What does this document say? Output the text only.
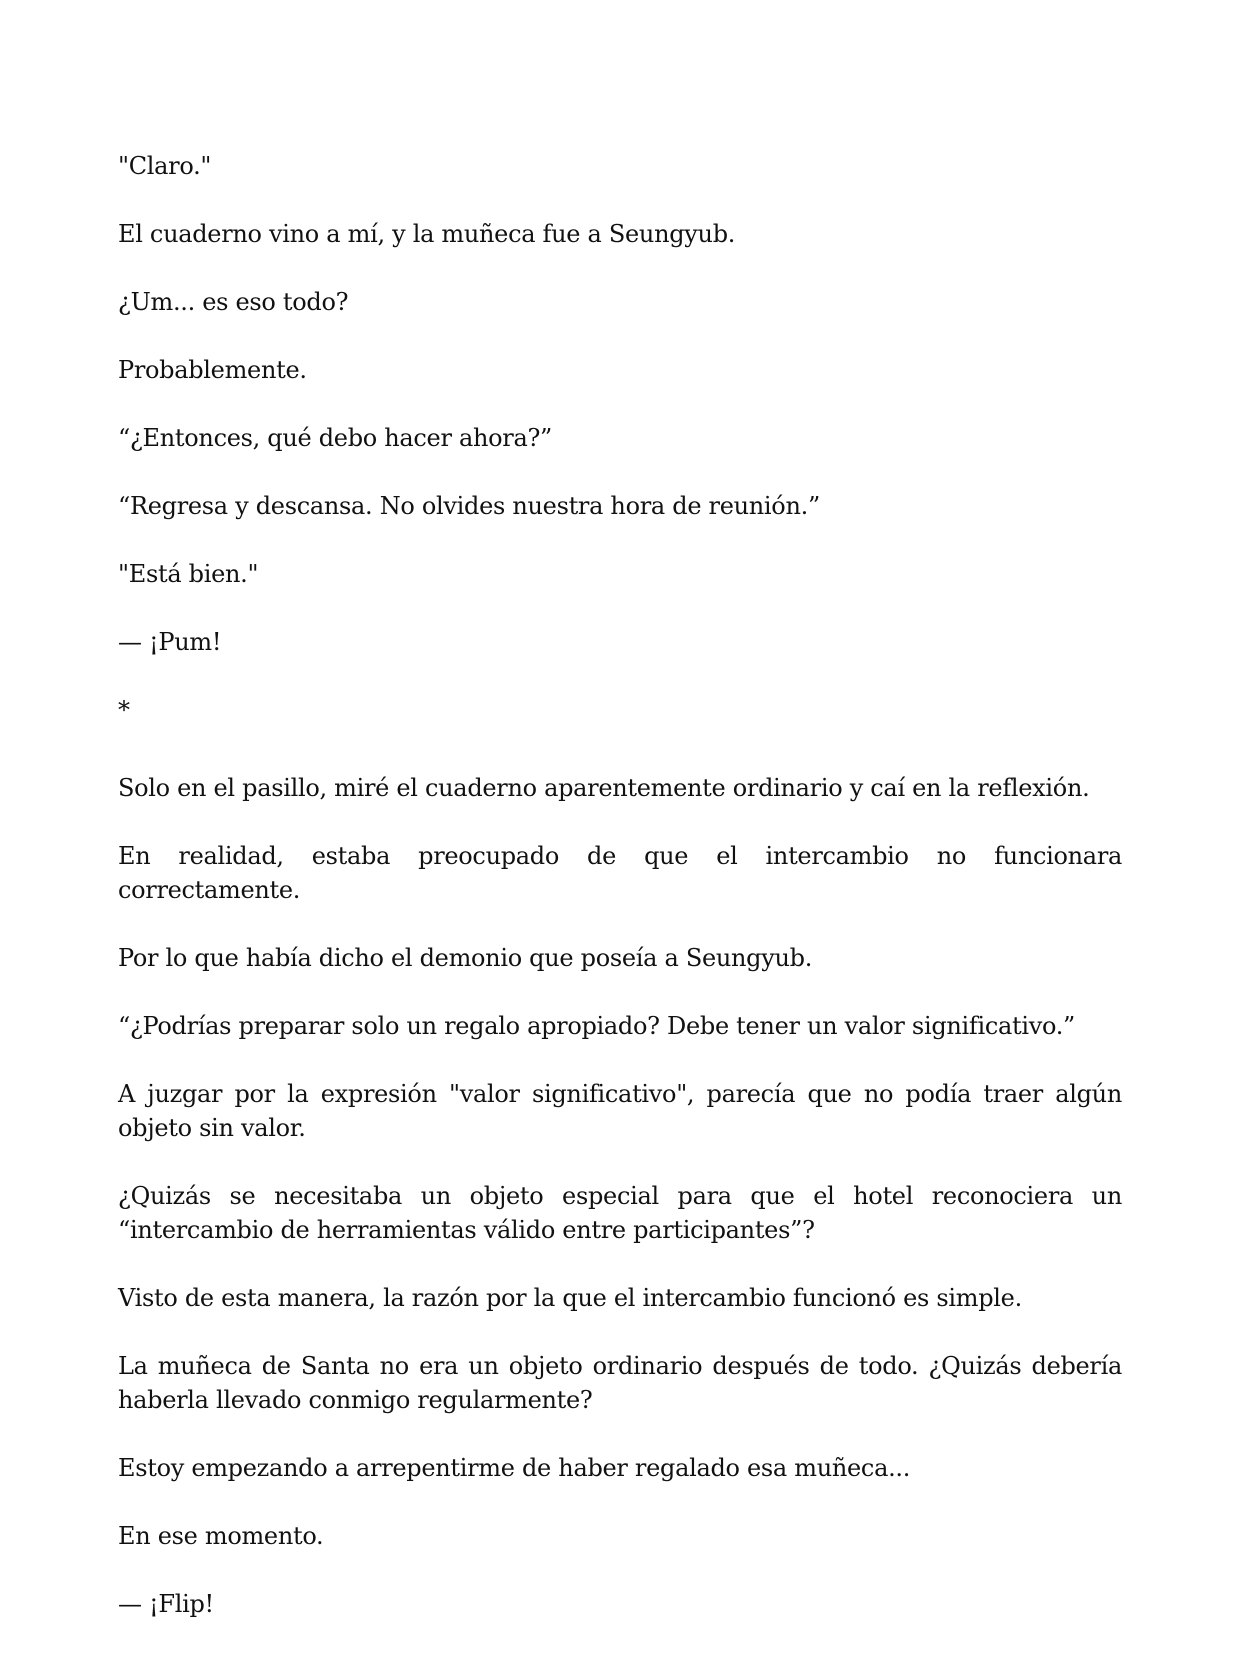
"Claro."

El cuaderno vino a mí, y la muñeca fue a Seungyub.

¿Um... es eso todo?

Probablemente.

“¿Entonces, qué debo hacer ahora?”

“Regresa y descansa. No olvides nuestra hora de reunión.”

"Está bien."

— ¡Pum!

*

Solo en el pasillo, miré el cuaderno aparentemente ordinario y caí en la reflexión.

En realidad, estaba preocupado de que el intercambio no funcionara correctamente.

Por lo que había dicho el demonio que poseía a Seungyub.

“¿Podrías preparar solo un regalo apropiado? Debe tener un valor significativo.”

A juzgar por la expresión "valor significativo", parecía que no podía traer algún objeto sin valor.

¿Quizás se necesitaba un objeto especial para que el hotel reconociera un “intercambio de herramientas válido entre participantes”?

Visto de esta manera, la razón por la que el intercambio funcionó es simple.

La muñeca de Santa no era un objeto ordinario después de todo. ¿Quizás debería haberla llevado conmigo regularmente?

Estoy empezando a arrepentirme de haber regalado esa muñeca...

En ese momento.

— ¡Flip!
